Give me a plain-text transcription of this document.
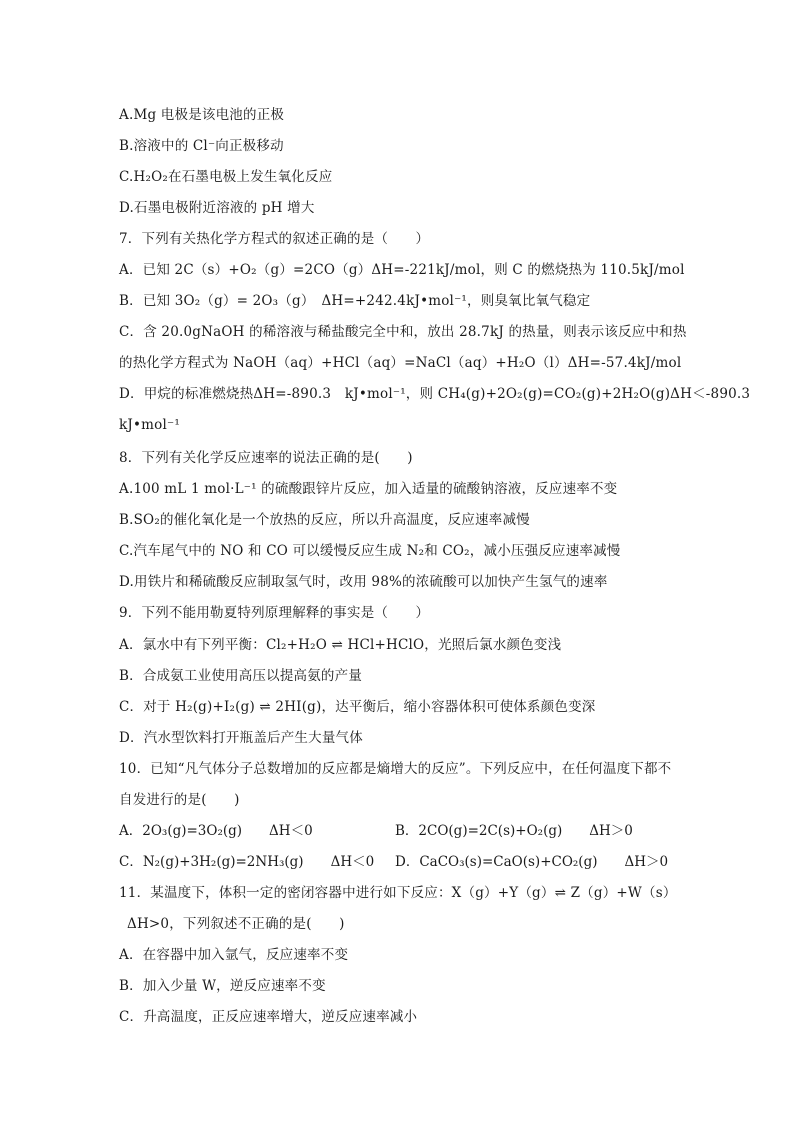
A.Mg 电极是该电池的正极
B.溶液中的 Cl⁻向正极移动
C.H₂O₂在石墨电极上发生氧化反应
D.石墨电极附近溶液的 pH 增大
7．下列有关热化学方程式的叙述正确的是（　　）
A．已知 2C（s）+O₂（g）=2CO（g）ΔH=-221kJ/mol，则 C 的燃烧热为 110.5kJ/mol
B．已知 3O₂（g）= 2O₃（g）　ΔH=+242.4kJ•mol⁻¹，则臭氧比氧气稳定
C．含 20.0gNaOH 的稀溶液与稀盐酸完全中和，放出 28.7kJ 的热量，则表示该反应中和热
的热化学方程式为 NaOH（aq）+HCl（aq）=NaCl（aq）+H₂O（l）ΔH=-57.4kJ/mol
D．甲烷的标准燃烧热ΔH=-890.3　kJ•mol⁻¹，则 CH₄(g)+2O₂(g)=CO₂(g)+2H₂O(g)ΔH＜-890.3
kJ•mol⁻¹
8．下列有关化学反应速率的说法正确的是(　　)
A.100 mL 1 mol·L⁻¹ 的硫酸跟锌片反应，加入适量的硫酸钠溶液，反应速率不变
B.SO₂的催化氧化是一个放热的反应，所以升高温度，反应速率减慢
C.汽车尾气中的 NO 和 CO 可以缓慢反应生成 N₂和 CO₂，减小压强反应速率减慢
D.用铁片和稀硫酸反应制取氢气时，改用 98%的浓硫酸可以加快产生氢气的速率
9．下列不能用勒夏特列原理解释的事实是（　　）
A．氯水中有下列平衡：Cl₂+H₂O ⇌ HCl+HClO，光照后氯水颜色变浅
B．合成氨工业使用高压以提高氨的产量
C．对于 H₂(g)+I₂(g) ⇌ 2HI(g)，达平衡后，缩小容器体积可使体系颜色变深
D．汽水型饮料打开瓶盖后产生大量气体
10．已知“凡气体分子总数增加的反应都是熵增大的反应”。下列反应中，在任何温度下都不
自发进行的是(　　)
A．2O₃(g)=3O₂(g)　　ΔH＜0	B．2CO(g)=2C(s)+O₂(g)　　ΔH＞0
C．N₂(g)+3H₂(g)=2NH₃(g)　　ΔH＜0 D．CaCO₃(s)=CaO(s)+CO₂(g)　　ΔH＞0
11．某温度下，体积一定的密闭容器中进行如下反应：X（g）+Y（g）⇌ Z（g）+W（s）
ΔH>0，下列叙述不正确的是(　　)
A．在容器中加入氩气，反应速率不变
B．加入少量 W，逆反应速率不变
C．升高温度，正反应速率增大，逆反应速率减小
